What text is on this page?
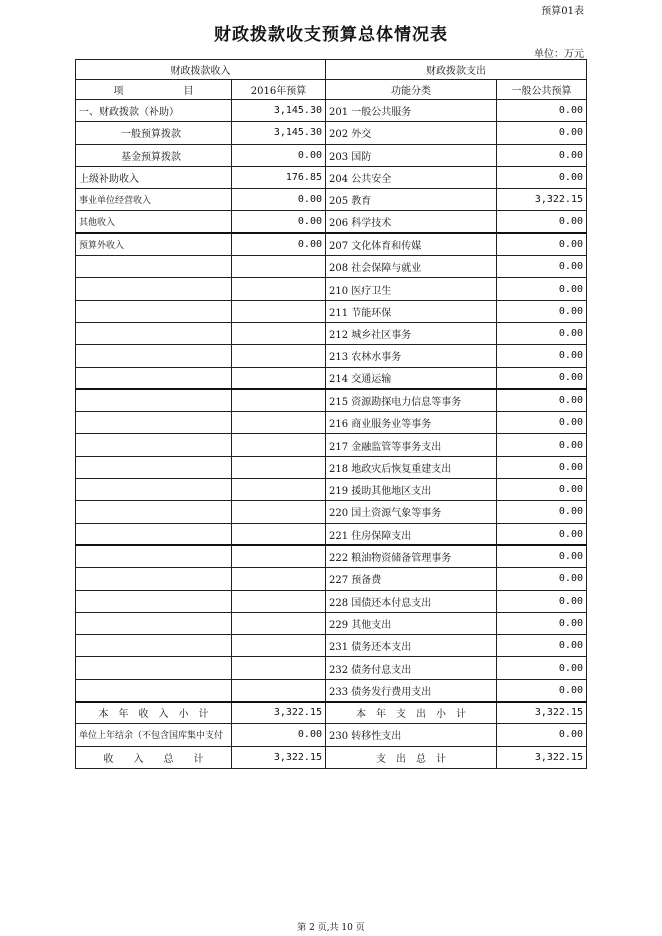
预算01表
财政拨款收支预算总体情况表
单位：万元
财政拨款收入		财政拨款支出	
项　　　　　　目	2016年预算	功能分类	一般公共预算
一、财政拨款（补助）	3,145.30	201 一般公共服务	0.00
一般预算拨款	3,145.30	202 外交	0.00
基金预算拨款	0.00	203 国防	0.00
上级补助收入	176.85	204 公共安全	0.00
事业单位经营收入	0.00	205 教育	3,322.15
其他收入	0.00	206 科学技术	0.00
预算外收入	0.00	207 文化体育和传媒	0.00
		208 社会保障与就业	0.00
		210 医疗卫生	0.00
		211 节能环保	0.00
		212 城乡社区事务	0.00
		213 农林水事务	0.00
		214 交通运输	0.00
		215 资源勘探电力信息等事务	0.00
		216 商业服务业等事务	0.00
		217 金融监管等事务支出	0.00
		218 地政灾后恢复重建支出	0.00
		219 援助其他地区支出	0.00
		220 国土资源气象等事务	0.00
		221 住房保障支出	0.00
		222 粮油物资储备管理事务	0.00
		227 预备费	0.00
		228 国债还本付息支出	0.00
		229 其他支出	0.00
		231 债务还本支出	0.00
		232 债务付息支出	0.00
		233 债务发行费用支出	0.00
本　年　收　入　小　计	3,322.15	本　年　支　出　小　计	3,322.15
单位上年结余（不包含国库集中支付	0.00	230 转移性支出	0.00
收　　入　　总　　计	3,322.15	支　出　总　计	3,322.15
第 2 页,共 10 页
